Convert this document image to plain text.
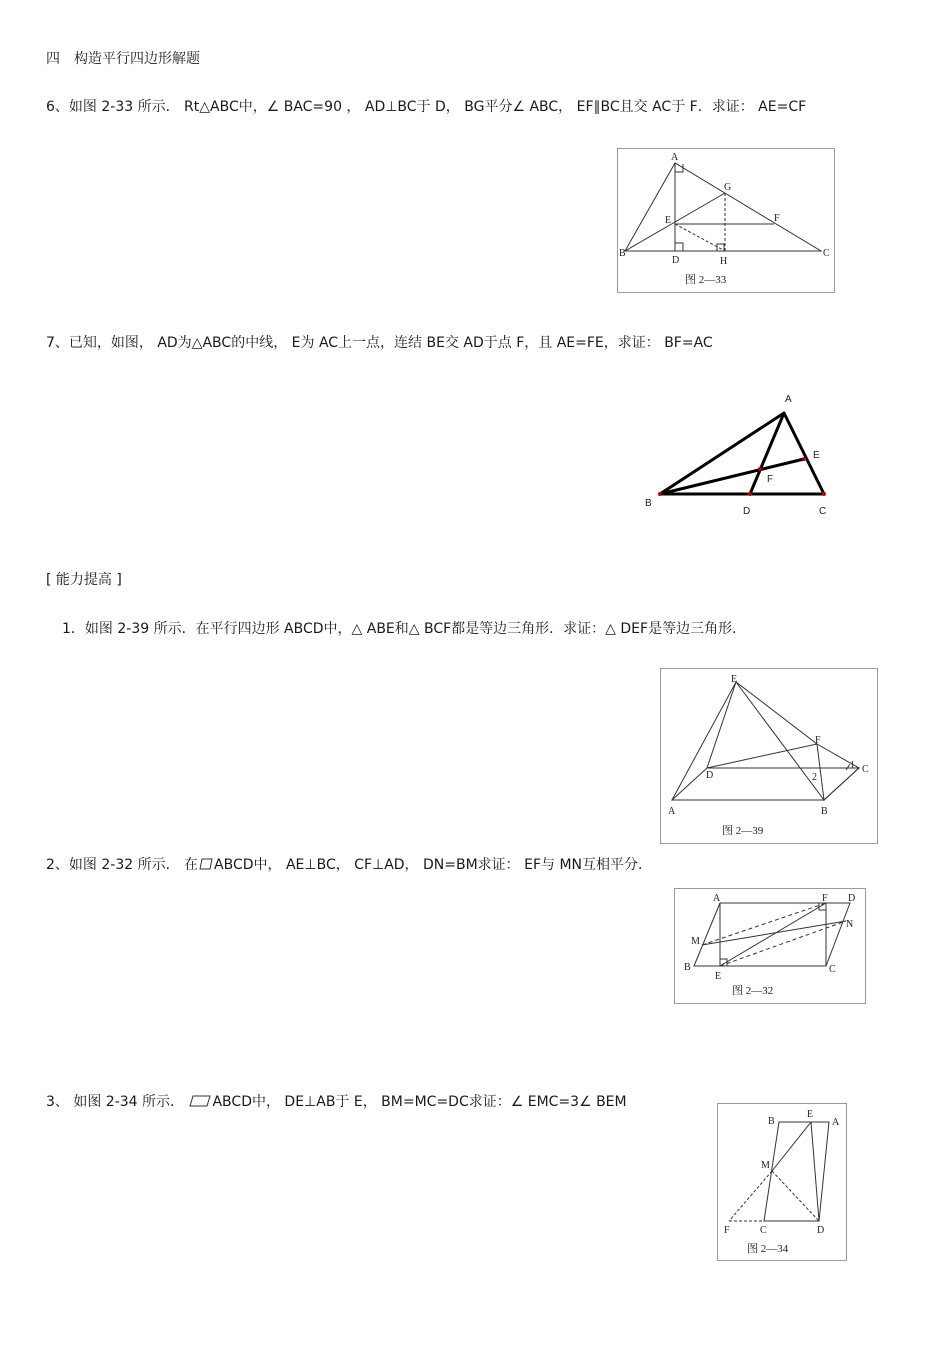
四　构造平行四边形解题
6、如图 2-33 所示． Rt△ABC中，∠ BAC=90 ， AD⊥BC于 D， BG平分∠ ABC， EF∥BC且交 AC于 F．求证： AE=CF
7、已知，如图， AD为△ABC的中线， E为 AC上一点，连结 BE交 AD于点 F，且 AE=FE，求证： BF=AC
[ 能力提高 ]
1．如图 2-39 所示．在平行四边形 ABCD中，△ ABE和△ BCF都是等边三角形．求证：△ DEF是等边三角形．
2、如图 2-32 所示． 在 ABCD中， AE⊥BC， CF⊥AD， DN=BM求证： EF与 MN互相平分．
3、 如图 2-34 所示． ABCD中， DE⊥AB于 E， BM=MC=DC求证：∠ EMC=3∠ BEM
A
B	C
D
E	F
G
H
图 2—33
A
B
C
D
E
F
E
A	B
C
D
F
1
2
图 2—39
A
B	C
D
E
F
M
N
图 2—32
B
E
A
M
F	C	D
图 2—34
